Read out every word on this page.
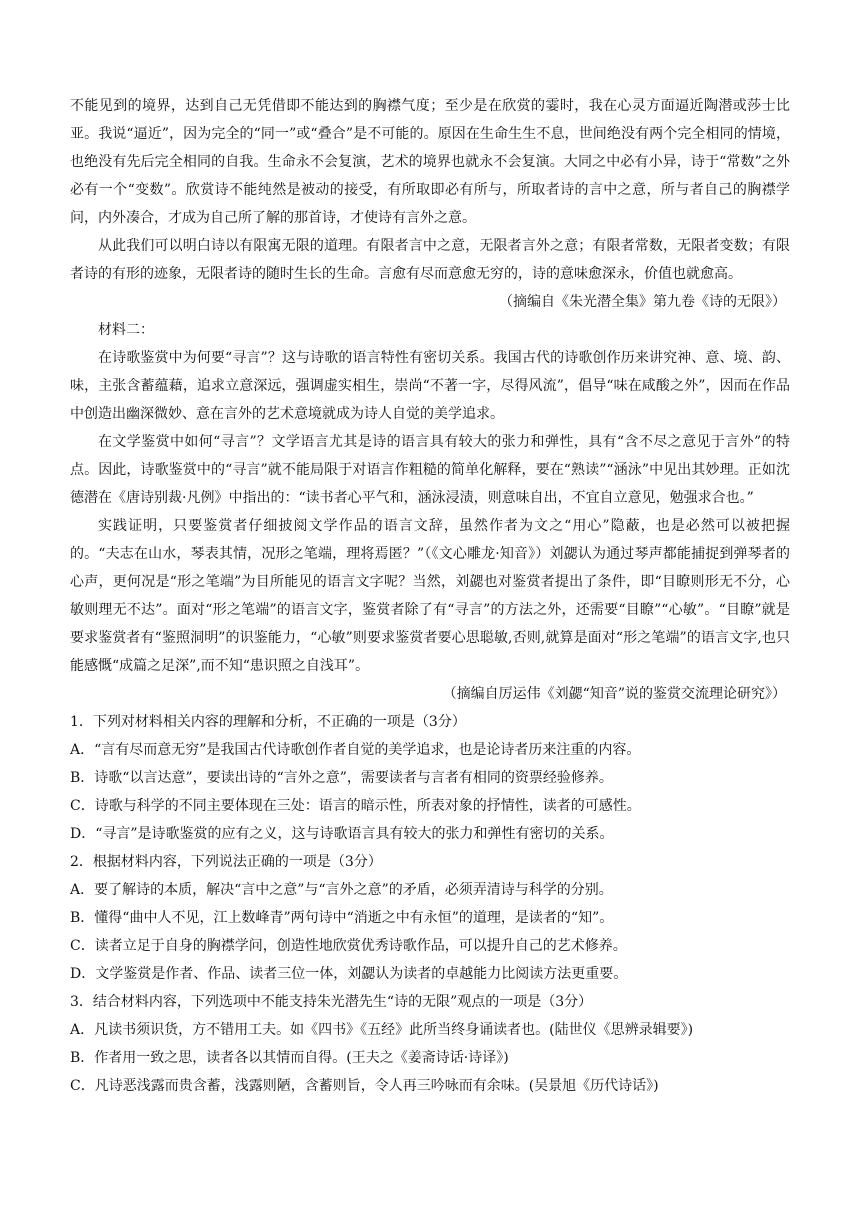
不能见到的境界，达到自己无凭借即不能达到的胸襟气度；至少是在欣赏的霎时，我在心灵方面逼近陶潜或莎士比亚。我说“逼近”，因为完全的“同一”或“叠合”是不可能的。原因在生命生生不息，世间绝没有两个完全相同的情境，也绝没有先后完全相同的自我。生命永不会复演，艺术的境界也就永不会复演。大同之中必有小异，诗于“常数”之外必有一个“变数”。欣赏诗不能纯然是被动的接受，有所取即必有所与，所取者诗的言中之意，所与者自己的胸襟学问，内外凑合，才成为自己所了解的那首诗，才使诗有言外之意。

从此我们可以明白诗以有限寓无限的道理。有限者言中之意，无限者言外之意；有限者常数，无限者变数；有限者诗的有形的迹象，无限者诗的随时生长的生命。言愈有尽而意愈无穷的，诗的意味愈深永，价值也就愈高。

（摘编自《朱光潜全集》第九卷《诗的无限》）

材料二：

在诗歌鉴赏中为何要“寻言”？这与诗歌的语言特性有密切关系。我国古代的诗歌创作历来讲究神、意、境、韵、味，主张含蓄蕴藉，追求立意深远，强调虚实相生，崇尚“不著一字，尽得风流”，倡导“味在咸酸之外”，因而在作品中创造出幽深微妙、意在言外的艺术意境就成为诗人自觉的美学追求。

在文学鉴赏中如何“寻言”？文学语言尤其是诗的语言具有较大的张力和弹性，具有“含不尽之意见于言外”的特点。因此，诗歌鉴赏中的“寻言”就不能局限于对语言作粗糙的简单化解释，要在“熟读”“涵泳”中见出其妙理。正如沈德潜在《唐诗别裁·凡例》中指出的：“读书者心平气和，涵泳浸渍，则意味自出，不宜自立意见，勉强求合也。”

实践证明，只要鉴赏者仔细披阅文学作品的语言文辞，虽然作者为文之“用心”隐蔽，也是必然可以被把握的。“夫志在山水，琴表其情，况形之笔端，理将焉匿？”（《文心雕龙·知音》）刘勰认为通过琴声都能捕捉到弹琴者的心声，更何况是“形之笔端”为目所能见的语言文字呢？当然，刘勰也对鉴赏者提出了条件，即“目瞭则形无不分，心敏则理无不达”。面对“形之笔端”的语言文字，鉴赏者除了有“寻言”的方法之外，还需要“目瞭”“心敏”。“目瞭”就是要求鉴赏者有“鉴照洞明”的识鉴能力，“心敏”则要求鉴赏者要心思聪敏,否则,就算是面对“形之笔端”的语言文字,也只能感慨“成篇之足深”,而不知“患识照之自浅耳”。

（摘编自厉运伟《刘勰“知音”说的鉴赏交流理论研究》）

1．下列对材料相关内容的理解和分析，不正确的一项是（3分）

A．“言有尽而意无穷”是我国古代诗歌创作者自觉的美学追求，也是论诗者历来注重的内容。

B．诗歌“以言达意”，要读出诗的“言外之意”，需要读者与言者有相同的资票经验修养。

C．诗歌与科学的不同主要体现在三处：语言的暗示性，所表对象的抒情性，读者的可感性。

D．“寻言”是诗歌鉴赏的应有之义，这与诗歌语言具有较大的张力和弹性有密切的关系。

2．根据材料内容，下列说法正确的一项是（3分）

A．要了解诗的本质，解决“言中之意”与“言外之意”的矛盾，必须弄清诗与科学的分别。

B．懂得“曲中人不见，江上数峰青”两句诗中“消逝之中有永恒”的道理，是读者的“知”。

C．读者立足于自身的胸襟学问，创造性地欣赏优秀诗歌作品，可以提升自己的艺术修养。

D．文学鉴赏是作者、作品、读者三位一体，刘勰认为读者的卓越能力比阅读方法更重要。

3．结合材料内容，下列选项中不能支持朱光潜先生“诗的无限”观点的一项是（3分）

A．凡读书须识货，方不错用工夫。如《四书》《五经》此所当终身诵读者也。(陆世仪《思辨录辑要》)

B．作者用一致之思，读者各以其情而自得。(王夫之《姜斋诗话·诗译》)

C．凡诗恶浅露而贵含蓄，浅露则陋，含蓄则旨，令人再三吟咏而有余味。(吴景旭《历代诗话》)
